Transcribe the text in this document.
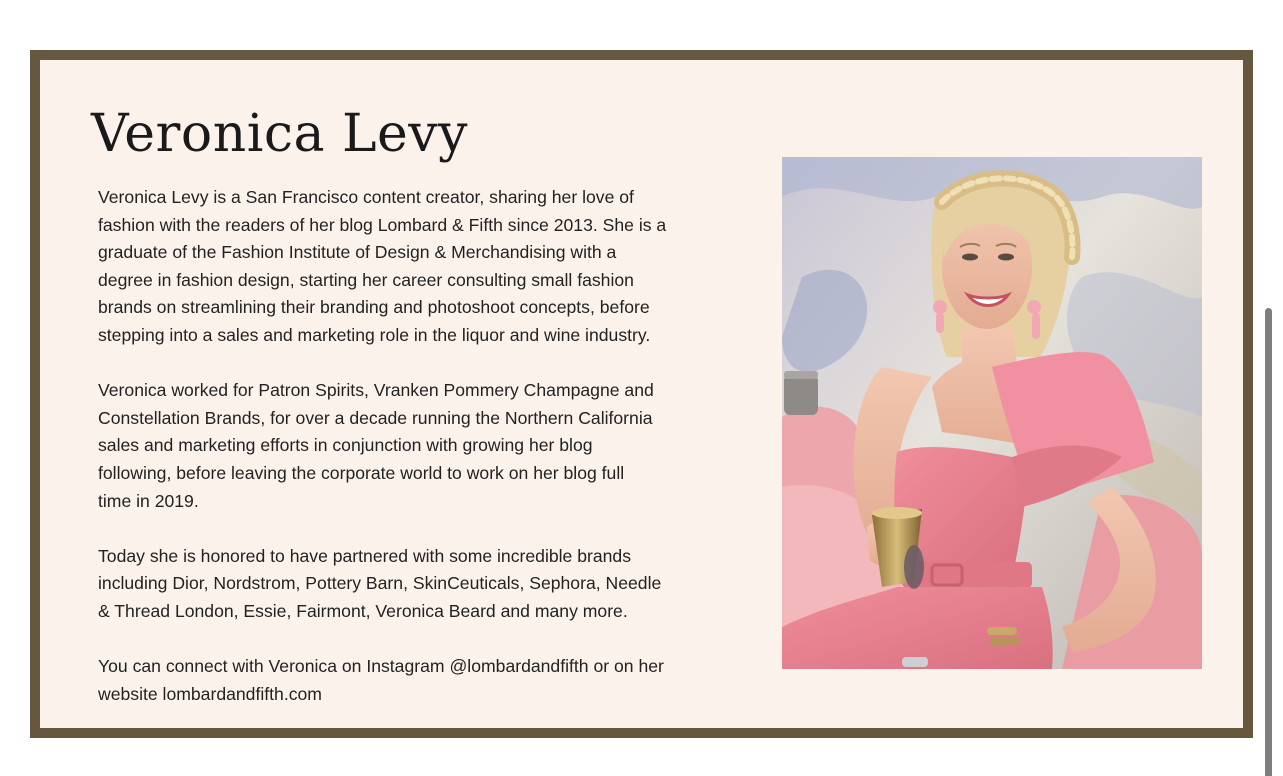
Veronica Levy

Veronica Levy is a San Francisco content creator, sharing her love of
fashion with the readers of her blog Lombard & Fifth since 2013. She is a
graduate of the Fashion Institute of Design & Merchandising with a
degree in fashion design, starting her career consulting small fashion
brands on streamlining their branding and photoshoot concepts, before
stepping into a sales and marketing role in the liquor and wine industry.

Veronica worked for Patron Spirits, Vranken Pommery Champagne and
Constellation Brands, for over a decade running the Northern California
sales and marketing efforts in conjunction with growing her blog
following, before leaving the corporate world to work on her blog full
time in 2019.

Today she is honored to have partnered with some incredible brands
including Dior, Nordstrom, Pottery Barn, SkinCeuticals, Sephora, Needle
& Thread London, Essie, Fairmont, Veronica Beard and many more.

You can connect with Veronica on Instagram @lombardandfifth or on her
website lombardandfifth.com
